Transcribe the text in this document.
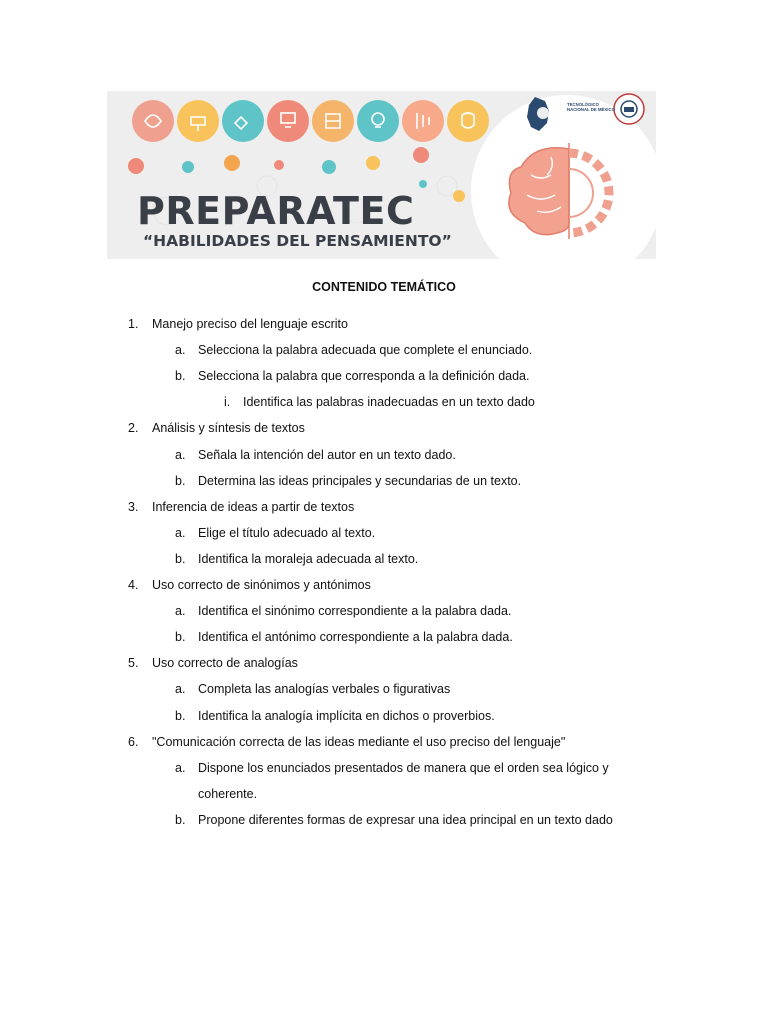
TECNOLÓGICO NACIONAL DE MÉXICO
PREPARATEC
“HABILIDADES DEL PENSAMIENTO”
CONTENIDO TEMÁTICO
1. Manejo preciso del lenguaje escrito
a. Selecciona la palabra adecuada que complete el enunciado.
b. Selecciona la palabra que corresponda a la definición dada.
i. Identifica las palabras inadecuadas en un texto dado
2. Análisis y síntesis de textos
a. Señala la intención del autor en un texto dado.
b. Determina las ideas principales y secundarias de un texto.
3. Inferencia de ideas a partir de textos
a. Elige el título adecuado al texto.
b. Identifica la moraleja adecuada al texto.
4. Uso correcto de sinónimos y antónimos
a. Identifica el sinónimo correspondiente a la palabra dada.
b. Identifica el antónimo correspondiente a la palabra dada.
5. Uso correcto de analogías
a. Completa las analogías verbales o figurativas
b. Identifica la analogía implícita en dichos o proverbios.
6. "Comunicación correcta de las ideas mediante el uso preciso del lenguaje"
a. Dispone los enunciados presentados de manera que el orden sea lógico y
coherente.
b. Propone diferentes formas de expresar una idea principal en un texto dado
